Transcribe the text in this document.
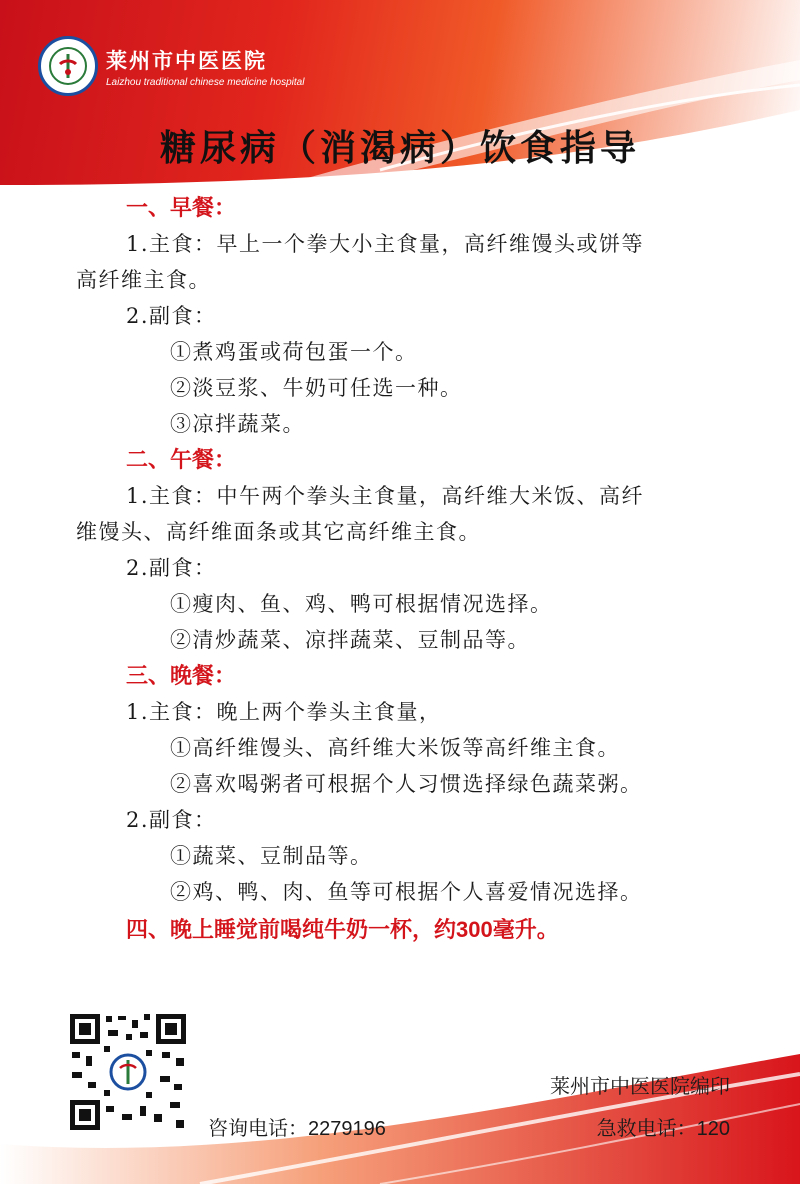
莱州市中医医院
Laizhou traditional chinese medicine hospital
糖尿病（消渴病）饮食指导
一、早餐：
1.主食：早上一个拳大小主食量，高纤维馒头或饼等
高纤维主食。
2.副食：
①煮鸡蛋或荷包蛋一个。
②淡豆浆、牛奶可任选一种。
③凉拌蔬菜。
二、午餐：
1.主食：中午两个拳头主食量，高纤维大米饭、高纤
维馒头、高纤维面条或其它高纤维主食。
2.副食：
①瘦肉、鱼、鸡、鸭可根据情况选择。
②清炒蔬菜、凉拌蔬菜、豆制品等。
三、晚餐：
1.主食：晚上两个拳头主食量，
①高纤维馒头、高纤维大米饭等高纤维主食。
②喜欢喝粥者可根据个人习惯选择绿色蔬菜粥。
2.副食：
①蔬菜、豆制品等。
②鸡、鸭、肉、鱼等可根据个人喜爱情况选择。
四、晚上睡觉前喝纯牛奶一杯，约300毫升。
莱州市中医医院编印
咨询电话：2279196	急救电话：120
